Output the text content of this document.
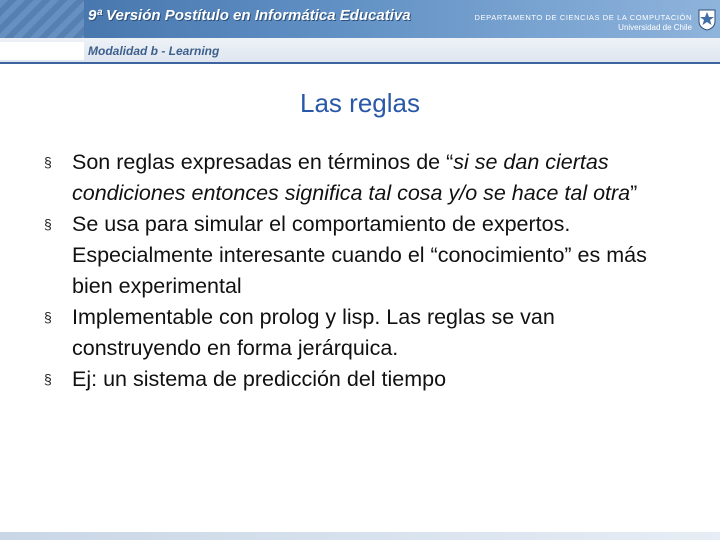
9ª Versión Postítulo en Informática Educativa	DEPARTAMENTO DE CIENCIAS DE LA COMPUTACIÓN
Universidad de Chile
Modalidad b - Learning
Las reglas
§ Son reglas expresadas en términos de “si se dan ciertas condiciones entonces significa tal cosa y/o se hace tal otra”
§ Se usa para simular el comportamiento de expertos. Especialmente interesante cuando el “conocimiento” es más bien experimental
§ Implementable con prolog y lisp. Las reglas se van construyendo en forma jerárquica.
§ Ej: un sistema de predicción del tiempo
